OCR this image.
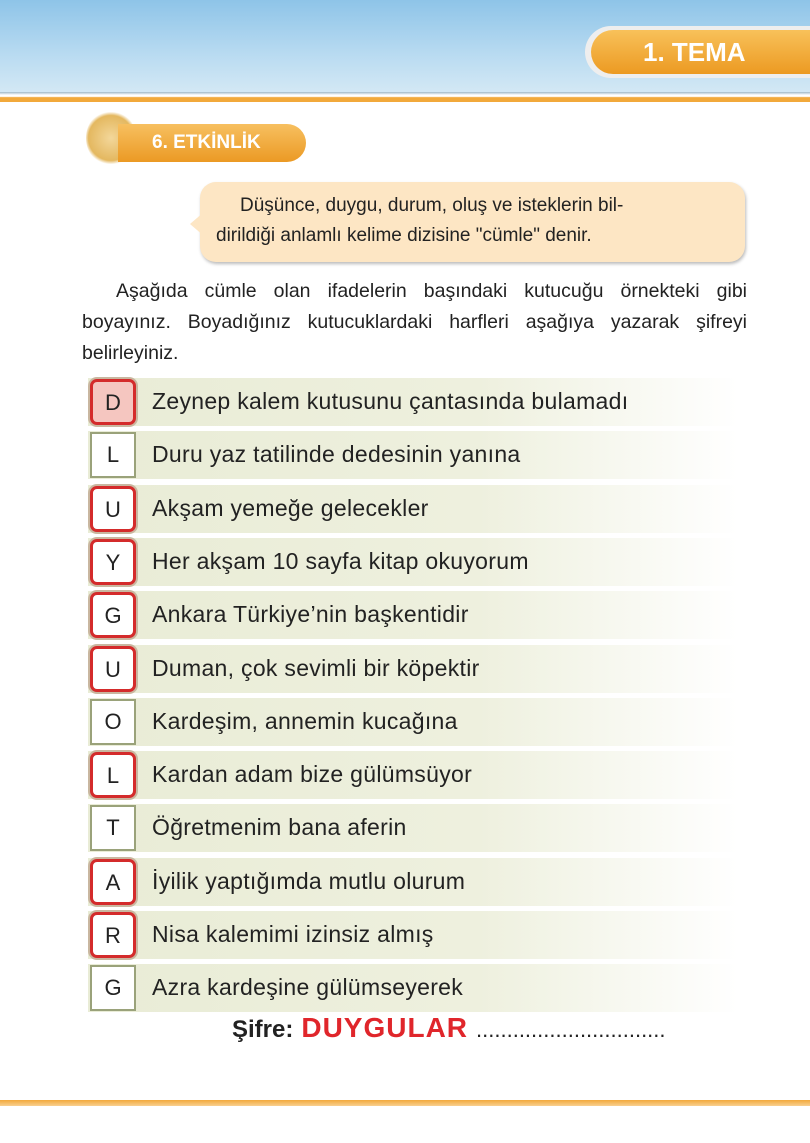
1. TEMA
6. ETKİNLİK
Düşünce, duygu, durum, oluş ve isteklerin bil-
dirildiği anlamlı kelime dizisine "cümle" denir.
Aşağıda cümle olan ifadelerin başındaki kutucuğu örnekteki gibi boyayınız. Boyadığınız kutucuklardaki harfleri aşağıya yazarak şifreyi belirleyiniz.
D	Zeynep kalem kutusunu çantasında bulamadı
L	Duru yaz tatilinde dedesinin yanına
U	Akşam yemeğe gelecekler
Y	Her akşam 10 sayfa kitap okuyorum
G	Ankara Türkiye’nin başkentidir
U	Duman, çok sevimli bir köpektir
O	Kardeşim, annemin kucağına
L	Kardan adam bize gülümsüyor
T	Öğretmenim bana aferin
A	İyilik yaptığımda mutlu olurum
R	Nisa kalemimi izinsiz almış
G	Azra kardeşine gülümseyerek
Şifre: DUYGULAR ...............................
